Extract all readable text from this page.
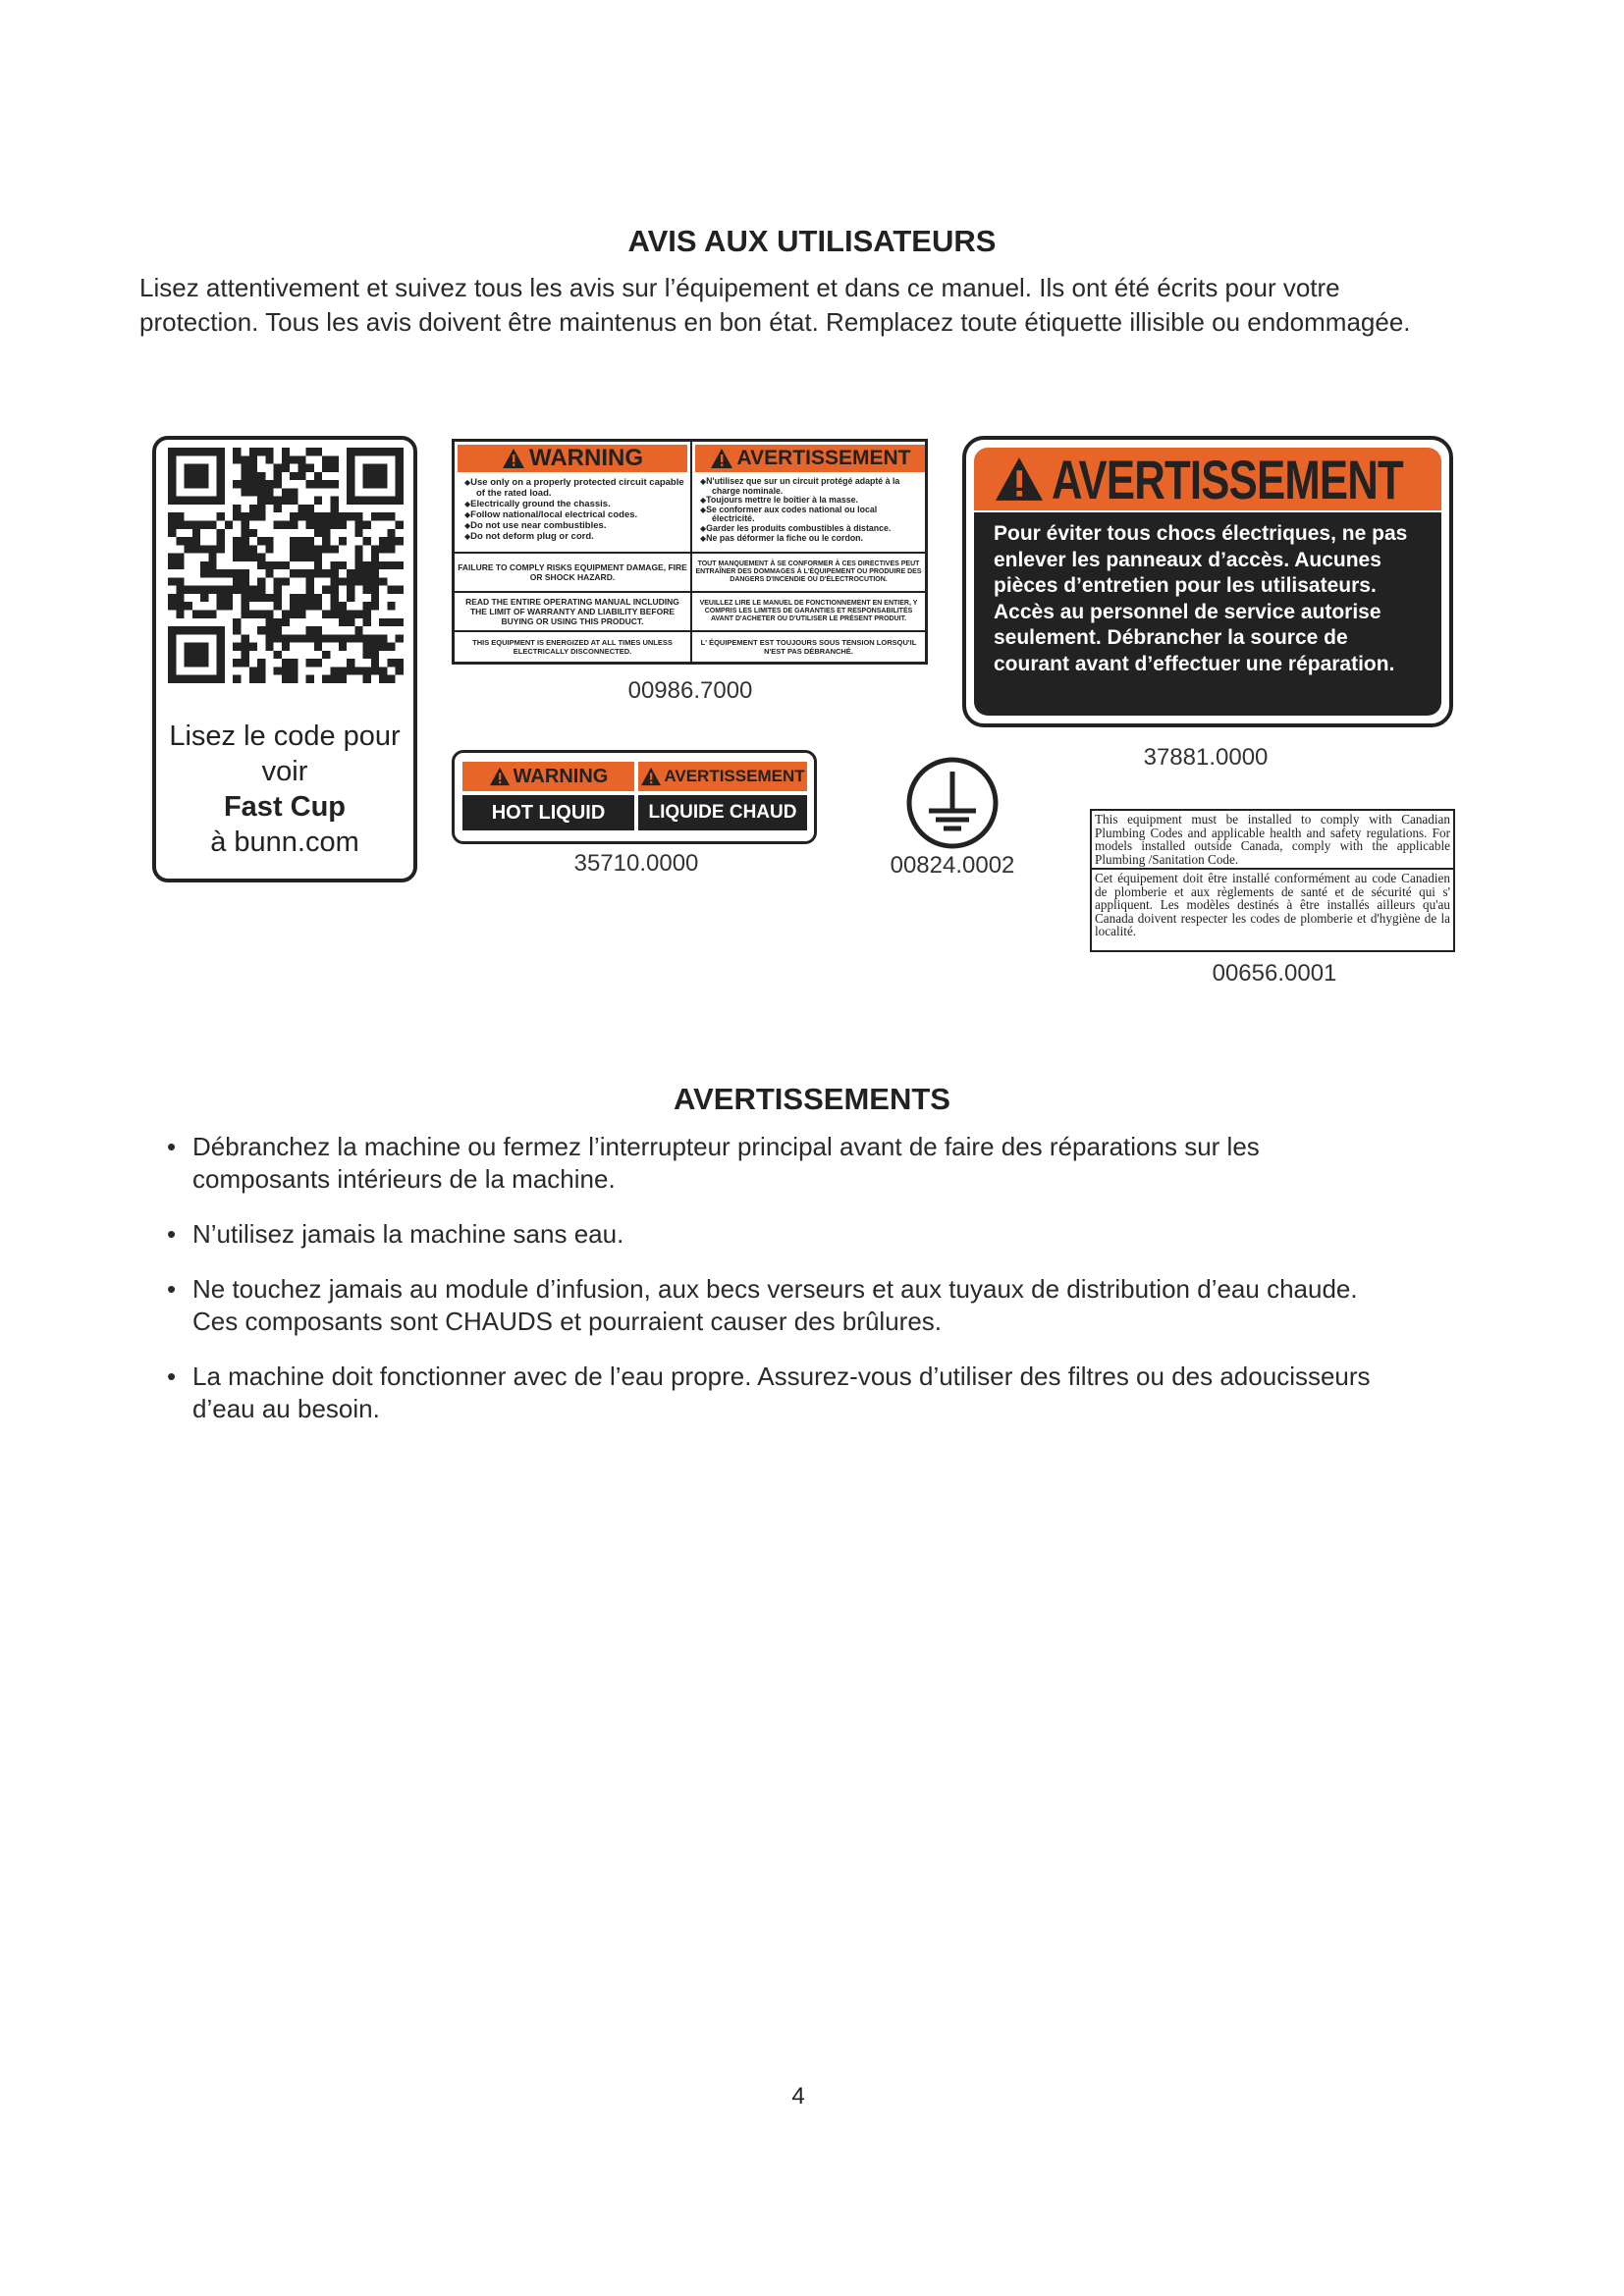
AVIS AUX UTILISATEURS
Lisez attentivement et suivez tous les avis sur l’équipement et dans ce manuel. Ils ont été écrits pour votre protection. Tous les avis doivent être maintenus en bon état. Remplacez toute étiquette illisible ou endommagée.
Lisez le code pour
voir
Fast Cup
à bunn.com
WARNING	AVERTISSEMENT
◆ Use only on a properly protected circuit capable of the rated load.
◆ Electrically ground the chassis.
◆ Follow national/local electrical codes.
◆ Do not use near combustibles.
◆ Do not deform plug or cord.
◆ N'utilisez que sur un circuit protégé adapté à la charge nominale.
◆ Toujours mettre le boîtier à la masse.
◆ Se conformer aux codes national ou local électricité.
◆ Garder les produits combustibles à distance.
◆ Ne pas déformer la fiche ou le cordon.
FAILURE TO COMPLY RISKS EQUIPMENT DAMAGE, FIRE OR SHOCK HAZARD.
TOUT MANQUEMENT À SE CONFORMER À CES DIRECTIVES PEUT ENTRAÎNER DES DOMMAGES À L'ÉQUIPEMENT OU PRODUIRE DES DANGERS D'INCENDIE OU D'ÉLECTROCUTION.
READ THE ENTIRE OPERATING MANUAL INCLUDING THE LIMIT OF WARRANTY AND LIABILITY BEFORE BUYING OR USING THIS PRODUCT.
VEUILLEZ LIRE LE MANUEL DE FONCTIONNEMENT EN ENTIER, Y COMPRIS LES LIMITES DE GARANTIES ET RESPONSABILITÉS AVANT D'ACHETER OU D'UTILISER LE PRÉSENT PRODUIT.
THIS EQUIPMENT IS ENERGIZED AT ALL TIMES UNLESS ELECTRICALLY DISCONNECTED.
L' ÉQUIPEMENT EST TOUJOURS SOUS TENSION LORSQU'IL N'EST PAS DÉBRANCHÉ.
00986.7000
AVERTISSEMENT
Pour éviter tous chocs électriques, ne pas enlever les panneaux d’accès. Aucunes pièces d’entretien pour les utilisateurs. Accès au personnel de service autorise seulement. Débrancher la source de courant avant d’effectuer une réparation.
37881.0000
WARNING	AVERTISSEMENT
HOT LIQUID	LIQUIDE CHAUD
35710.0000	00824.0002
This equipment must be installed to comply with Canadian Plumbing Codes and applicable health and safety regulations. For models installed outside Canada, comply with the applicable Plumbing /Sanitation Code.
Cet équipement doit être installé conformément au code Canadien de plomberie et aux règlements de santé et de sécurité qui s' appliquent. Les modèles destinés à être installés ailleurs qu'au Canada doivent respecter les codes de plomberie et d'hygiène de la localité.
00656.0001
AVERTISSEMENTS
• Débranchez la machine ou fermez l’interrupteur principal avant de faire des réparations sur les composants intérieurs de la machine.
• N’utilisez jamais la machine sans eau.
• Ne touchez jamais au module d’infusion, aux becs verseurs et aux tuyaux de distribution d’eau chaude. Ces composants sont CHAUDS et pourraient causer des brûlures.
• La machine doit fonctionner avec de l’eau propre. Assurez-vous d’utiliser des filtres ou des adoucisseurs d’eau au besoin.
4
